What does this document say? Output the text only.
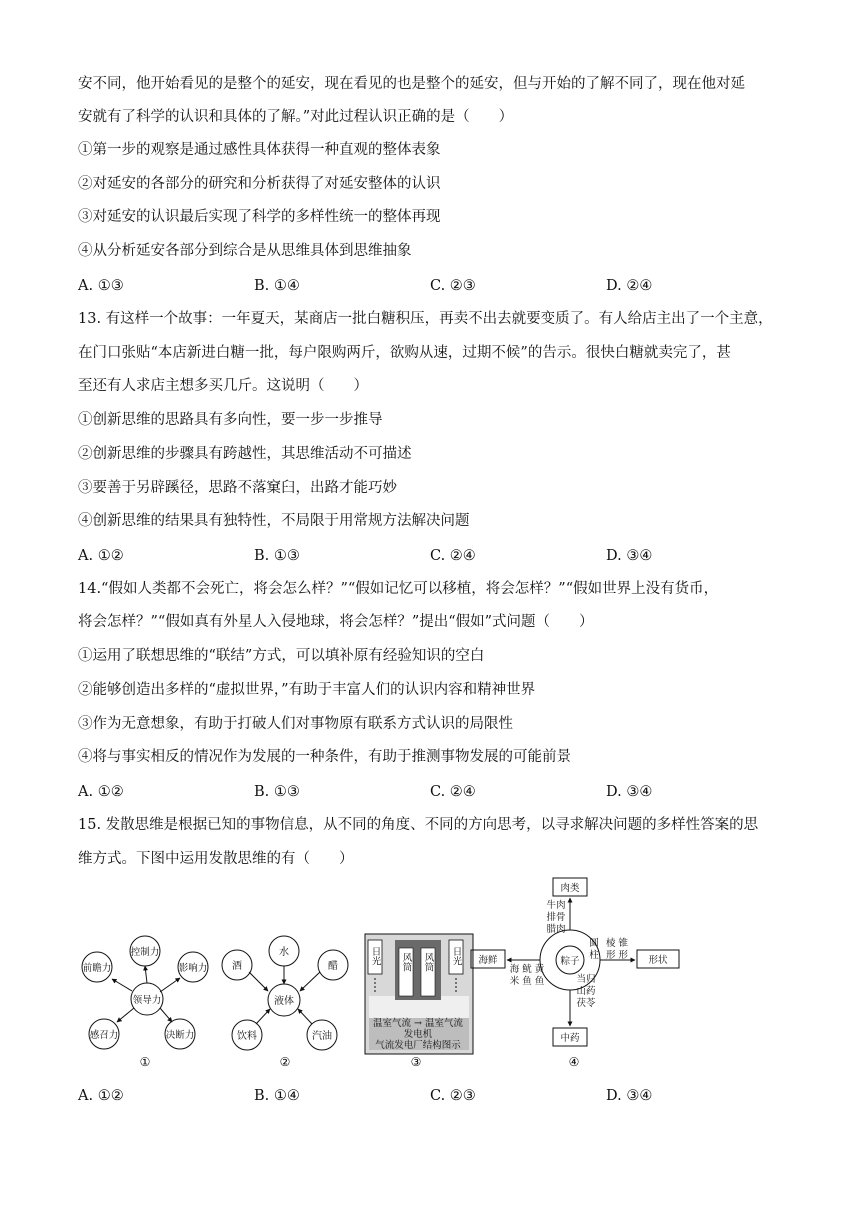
安不同，他开始看见的是整个的延安，现在看见的也是整个的延安，但与开始的了解不同了，现在他对延
安就有了科学的认识和具体的了解。”对此过程认识正确的是（　　）
①第一步的观察是通过感性具体获得一种直观的整体表象
②对延安的各部分的研究和分析获得了对延安整体的认识
③对延安的认识最后实现了科学的多样性统一的整体再现
④从分析延安各部分到综合是从思维具体到思维抽象
A. ①③	B. ①④	C. ②③	D. ②④
13. 有这样一个故事：一年夏天，某商店一批白糖积压，再卖不出去就要变质了。有人给店主出了一个主意，
在门口张贴“本店新进白糖一批，每户限购两斤，欲购从速，过期不候”的告示。很快白糖就卖完了，甚
至还有人求店主想多买几斤。这说明（　　）
①创新思维的思路具有多向性，要一步一步推导
②创新思维的步骤具有跨越性，其思维活动不可描述
③要善于另辟蹊径，思路不落窠臼，出路才能巧妙
④创新思维的结果具有独特性，不局限于用常规方法解决问题
A. ①②	B. ①③	C. ②④	D. ③④
14.“假如人类都不会死亡，将会怎么样？”“假如记忆可以移植，将会怎样？”“假如世界上没有货币，
将会怎样？”“假如真有外星人入侵地球，将会怎样？”提出“假如”式问题（　　）
①运用了联想思维的“联结”方式，可以填补原有经验知识的空白
②能够创造出多样的“虚拟世界，”有助于丰富人们的认识内容和精神世界
③作为无意想象，有助于打破人们对事物原有联系方式认识的局限性
④将与事实相反的情况作为发展的一种条件，有助于推测事物发展的可能前景
A. ①②	B. ①③	C. ②④	D. ③④
15. 发散思维是根据已知的事物信息，从不同的角度、不同的方向思考，以寻求解决问题的多样性答案的思
维方式。下图中运用发散思维的有（　　）
领导力
控制力
影响力
决断力
感召力
前瞻力
①
液体
水
醋
汽油
饮料
酒
②
日光	日光
风筒 风筒
温室气流 → 温室气流
发电机
气流发电厂结构图示
③
肉类
海鲜	形状
中药
粽子
牛肉
排骨
腊肉
海 鱿 黄
米 鱼 鱼
圆
柱
棱 锥
形 形
当归
山药
茯苓
④
A. ①②	B. ①④	C. ②③	D. ③④
